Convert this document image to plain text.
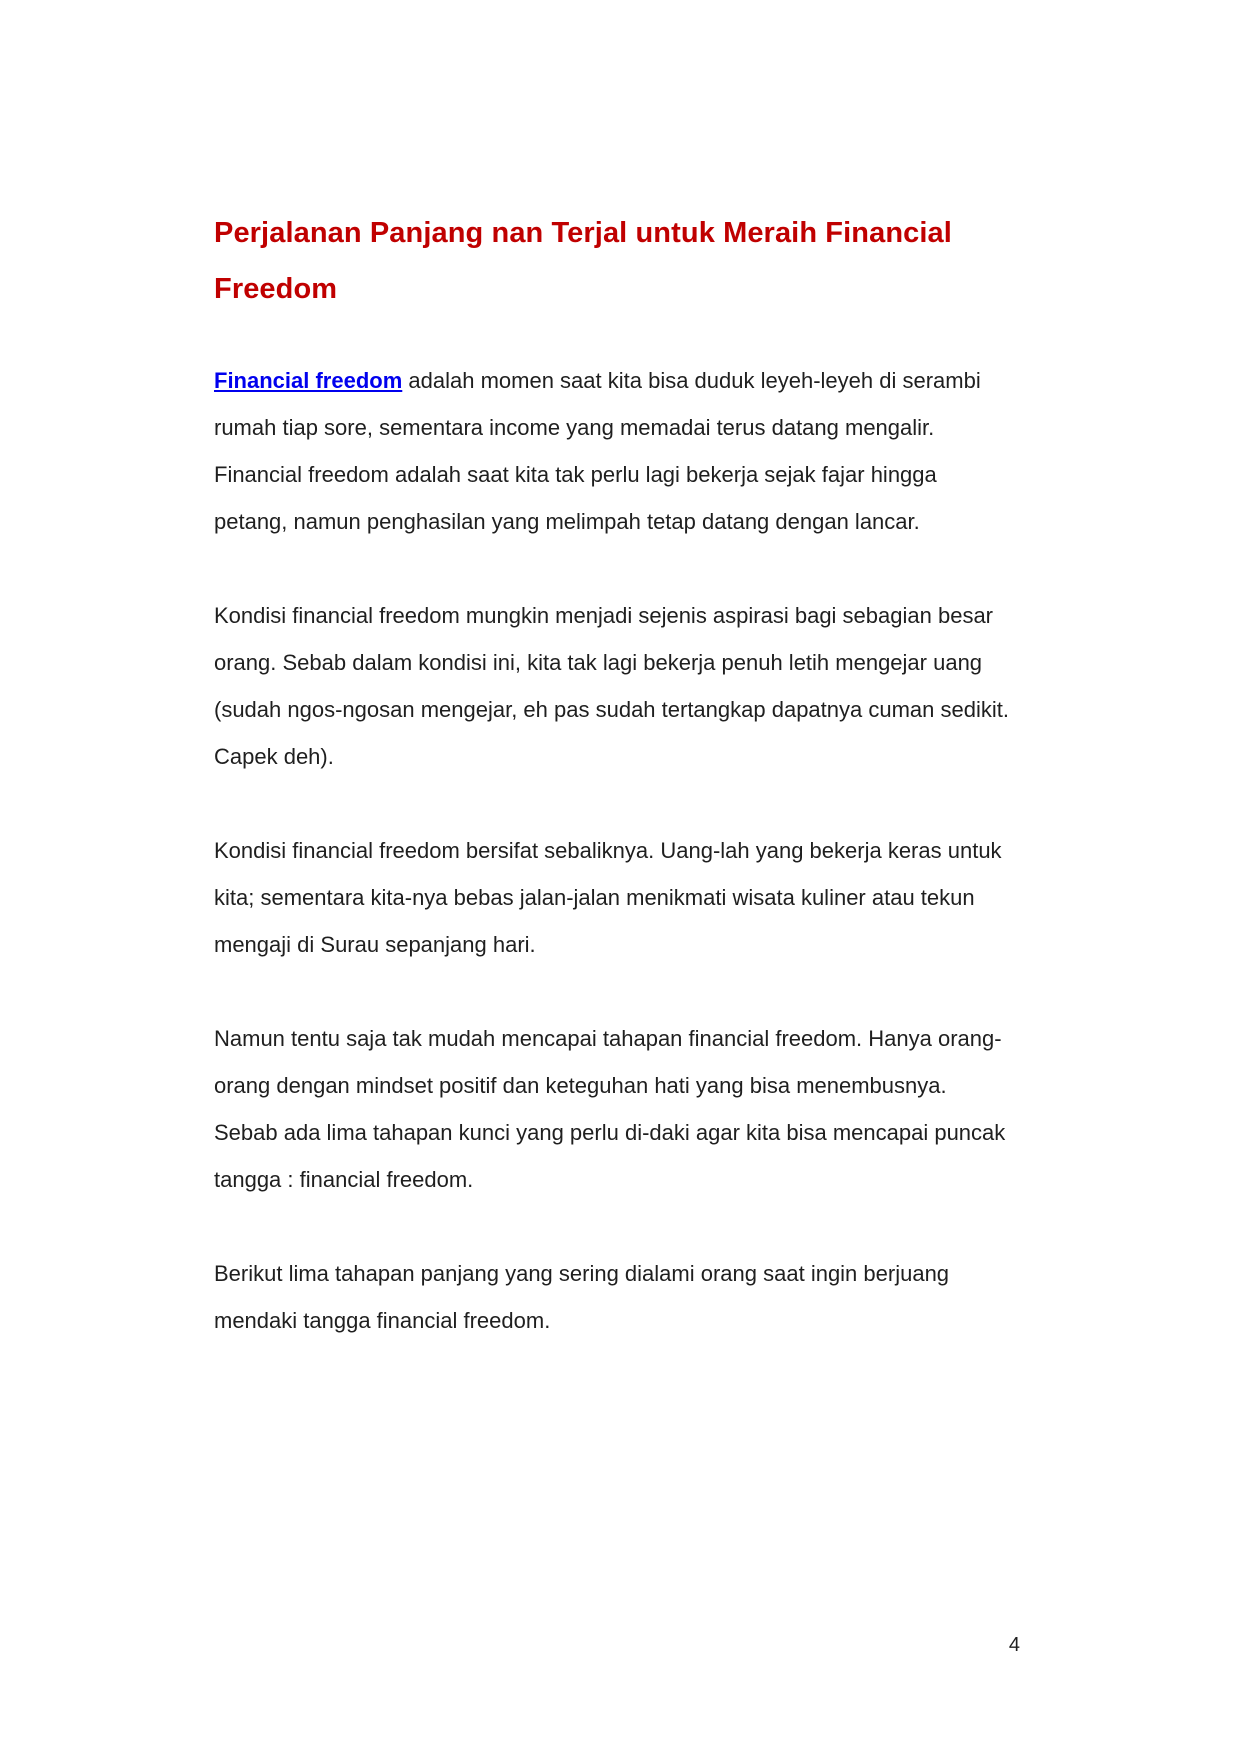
Perjalanan Panjang nan Terjal untuk Meraih Financial Freedom

Financial freedom adalah momen saat kita bisa duduk leyeh-leyeh di serambi rumah tiap sore, sementara income yang memadai terus datang mengalir. Financial freedom adalah saat kita tak perlu lagi bekerja sejak fajar hingga petang, namun penghasilan yang melimpah tetap datang dengan lancar.

Kondisi financial freedom mungkin menjadi sejenis aspirasi bagi sebagian besar orang. Sebab dalam kondisi ini, kita tak lagi bekerja penuh letih mengejar uang (sudah ngos-ngosan mengejar, eh pas sudah tertangkap dapatnya cuman sedikit. Capek deh).

Kondisi financial freedom bersifat sebaliknya. Uang-lah yang bekerja keras untuk kita; sementara kita-nya bebas jalan-jalan menikmati wisata kuliner atau tekun mengaji di Surau sepanjang hari.

Namun tentu saja tak mudah mencapai tahapan financial freedom. Hanya orang-orang dengan mindset positif dan keteguhan hati yang bisa menembusnya. Sebab ada lima tahapan kunci yang perlu di-daki agar kita bisa mencapai puncak tangga : financial freedom.

Berikut lima tahapan panjang yang sering dialami orang saat ingin berjuang mendaki tangga financial freedom.

4
